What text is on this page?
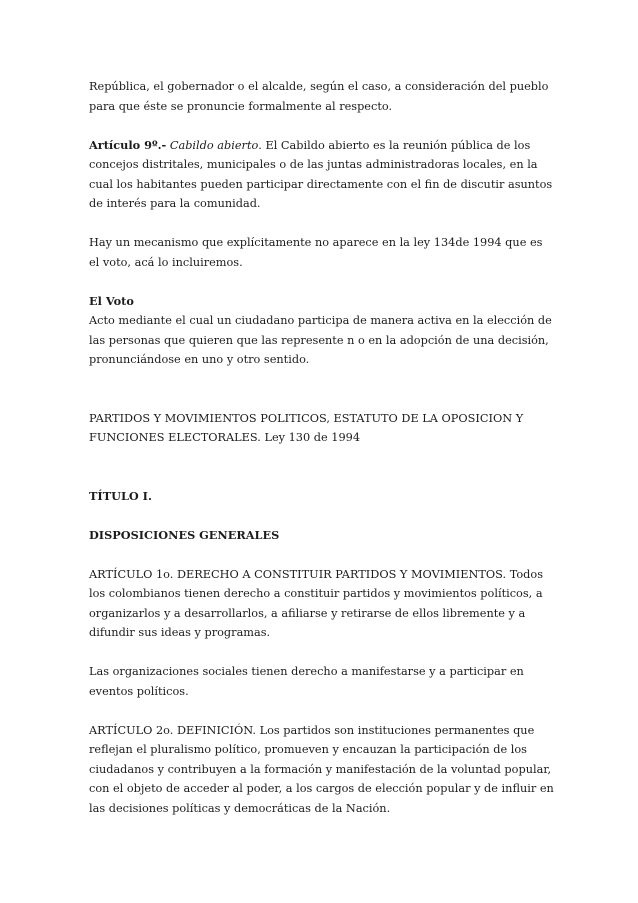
República, el gobernador o el alcalde, según el caso, a consideración del pueblo para que éste se pronuncie formalmente al respecto.

Artículo 9º.- Cabildo abierto. El Cabildo abierto es la reunión pública de los concejos distritales, municipales o de las juntas administradoras locales, en la cual los habitantes pueden participar directamente con el fin de discutir asuntos de interés para la comunidad.

Hay un mecanismo que explícitamente no aparece en la ley 134de 1994 que es el voto, acá lo incluiremos.

El Voto

Acto mediante el cual un ciudadano participa de manera activa en la elección de las personas que quieren que las represente n o en la adopción de una decisión, pronunciándose en uno y otro sentido.

PARTIDOS Y MOVIMIENTOS POLITICOS, ESTATUTO DE LA OPOSICION Y FUNCIONES ELECTORALES. Ley 130 de 1994

TÍTULO I.

DISPOSICIONES GENERALES

ARTÍCULO 1o. DERECHO A CONSTITUIR PARTIDOS Y MOVIMIENTOS. Todos los colombianos tienen derecho a constituir partidos y movimientos políticos, a organizarlos y a desarrollarlos, a afiliarse y retirarse de ellos libremente y a difundir sus ideas y programas.

Las organizaciones sociales tienen derecho a manifestarse y a participar en eventos políticos.

ARTÍCULO 2o. DEFINICIÓN. Los partidos son instituciones permanentes que reflejan el pluralismo político, promueven y encauzan la participación de los ciudadanos y contribuyen a la formación y manifestación de la voluntad popular, con el objeto de acceder al poder, a los cargos de elección popular y de influir en las decisiones políticas y democráticas de la Nación.
